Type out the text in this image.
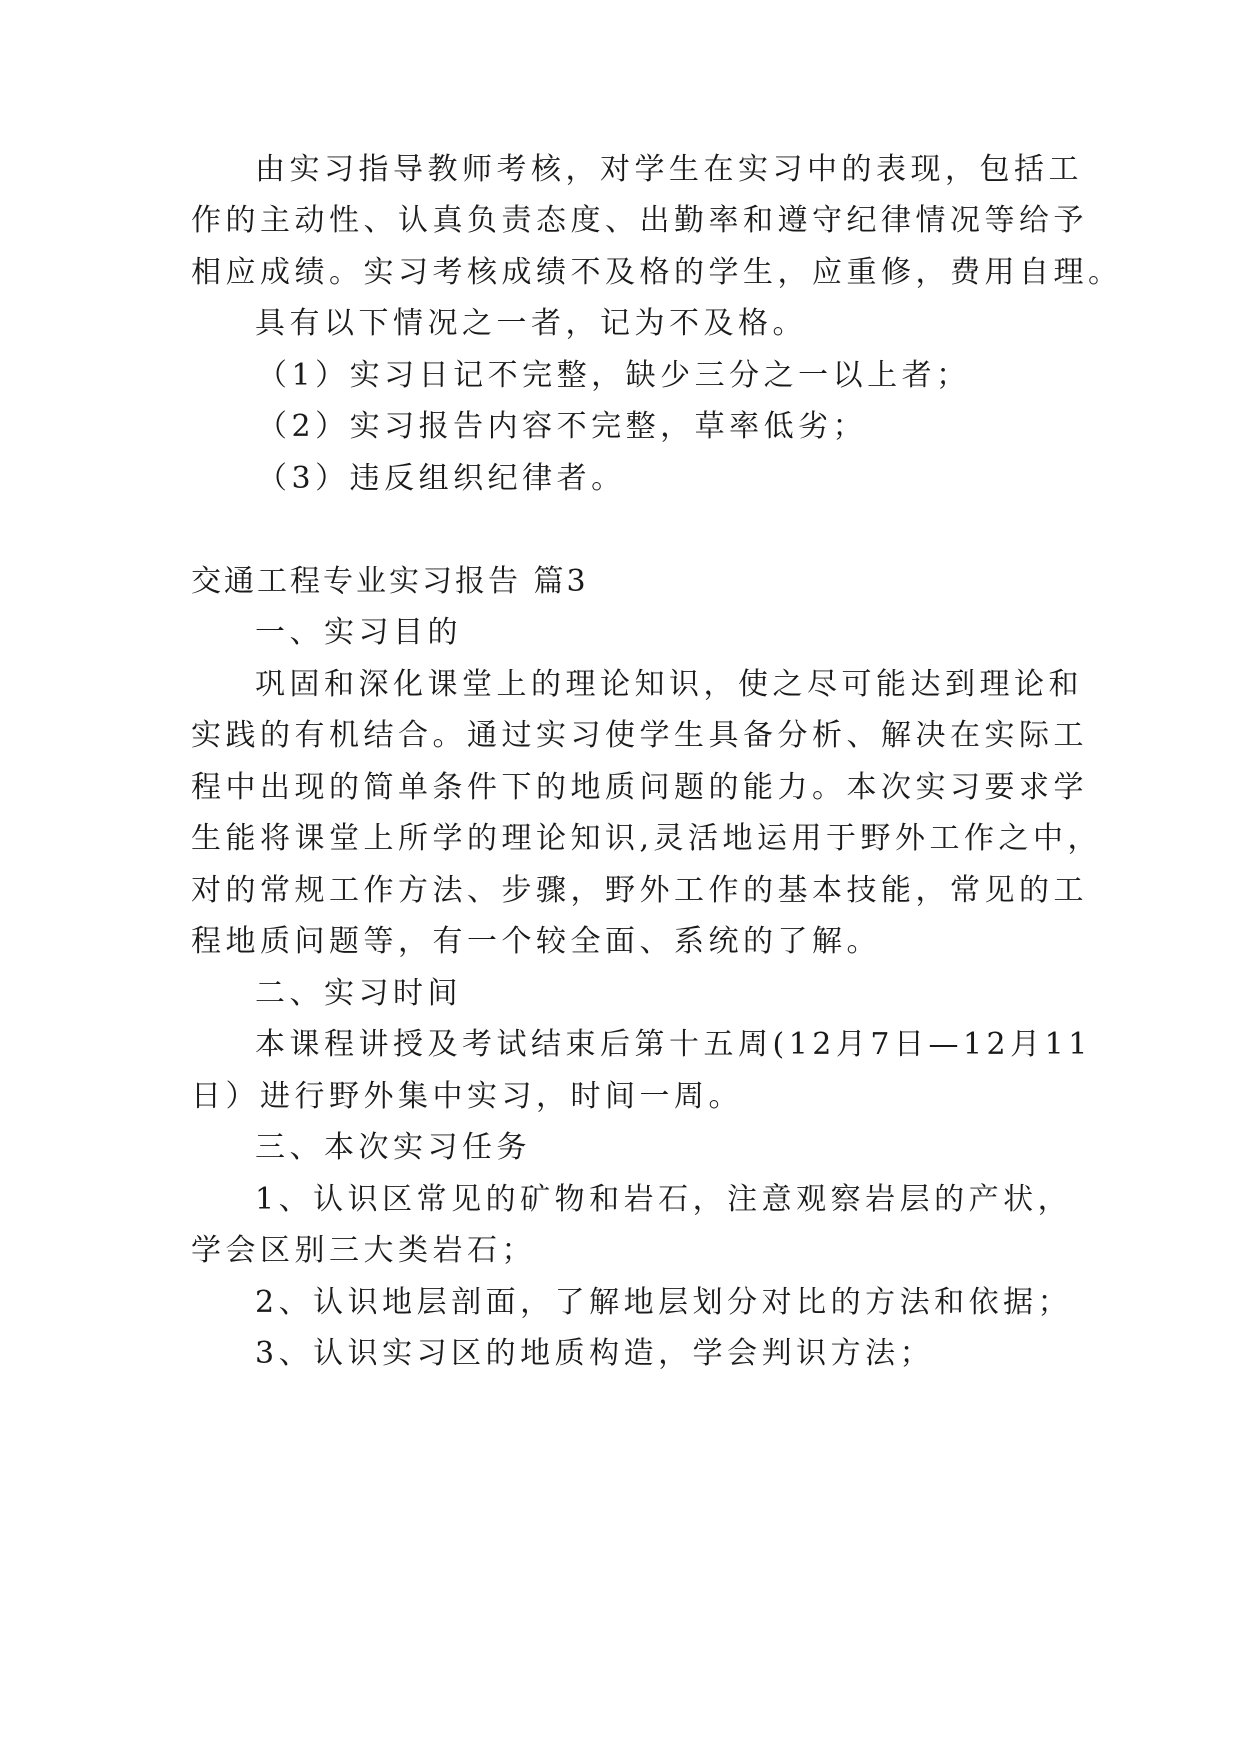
由实习指导教师考核，对学生在实习中的表现，包括工
作的主动性、认真负责态度、出勤率和遵守纪律情况等给予
相应成绩。实习考核成绩不及格的学生，应重修，费用自理。
具有以下情况之一者，记为不及格。
（1）实习日记不完整，缺少三分之一以上者；
（2）实习报告内容不完整，草率低劣；
（3）违反组织纪律者。
交通工程专业实习报告 篇3
一、实习目的
巩固和深化课堂上的理论知识，使之尽可能达到理论和
实践的有机结合。通过实习使学生具备分析、解决在实际工
程中出现的简单条件下的地质问题的能力。本次实习要求学
生能将课堂上所学的理论知识,灵活地运用于野外工作之中，
对的常规工作方法、步骤，野外工作的基本技能，常见的工
程地质问题等，有一个较全面、系统的了解。
二、实习时间
本课程讲授及考试结束后第十五周(12月7日—12月11
日）进行野外集中实习，时间一周。
三、本次实习任务
1、认识区常见的矿物和岩石，注意观察岩层的产状，
学会区别三大类岩石；
2、认识地层剖面，了解地层划分对比的方法和依据；
3、认识实习区的地质构造，学会判识方法；
